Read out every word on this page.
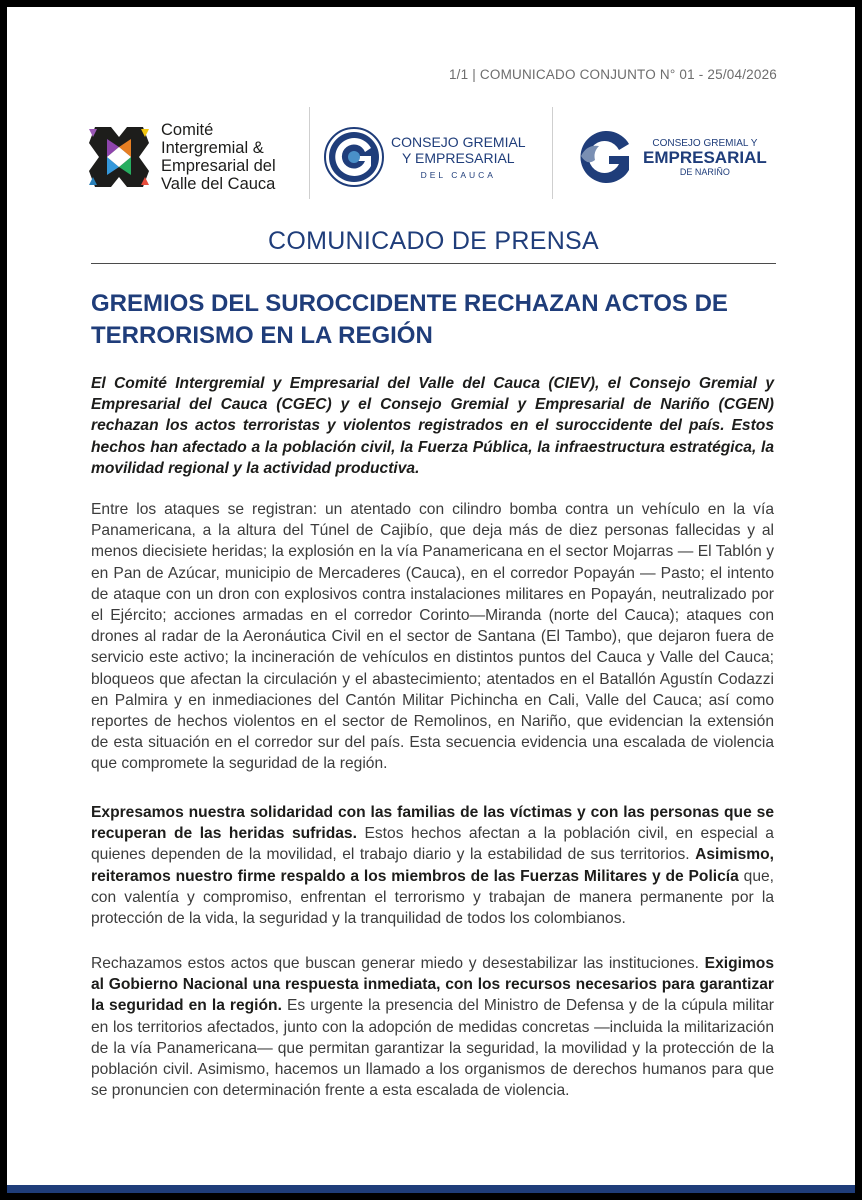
1/1 | COMUNICADO CONJUNTO N° 01 - 25/04/2026
Comité
Intergremial &
Empresarial del
Valle del Cauca
CONSEJO GREMIAL
Y EMPRESARIAL
DEL CAUCA
CONSEJO GREMIAL Y
EMPRESARIAL
DE NARIÑO
COMUNICADO DE PRENSA
GREMIOS DEL SUROCCIDENTE RECHAZAN ACTOS DE TERRORISMO EN LA REGIÓN

El Comité Intergremial y Empresarial del Valle del Cauca (CIEV), el Consejo Gremial y Empresarial del Cauca (CGEC) y el Consejo Gremial y Empresarial de Nariño (CGEN) rechazan los actos terroristas y violentos registrados en el suroccidente del país. Estos hechos han afectado a la población civil, la Fuerza Pública, la infraestructura estratégica, la movilidad regional y la actividad productiva.

Entre los ataques se registran: un atentado con cilindro bomba contra un vehículo en la vía Panamericana, a la altura del Túnel de Cajibío, que deja más de diez personas fallecidas y al menos diecisiete heridas; la explosión en la vía Panamericana en el sector Mojarras — El Tablón y en Pan de Azúcar, municipio de Mercaderes (Cauca), en el corredor Popayán — Pasto; el intento de ataque con un dron con explosivos contra instalaciones militares en Popayán, neutralizado por el Ejército; acciones armadas en el corredor Corinto—Miranda (norte del Cauca); ataques con drones al radar de la Aeronáutica Civil en el sector de Santana (El Tambo), que dejaron fuera de servicio este activo; la incineración de vehículos en distintos puntos del Cauca y Valle del Cauca; bloqueos que afectan la circulación y el abastecimiento; atentados en el Batallón Agustín Codazzi en Palmira y en inmediaciones del Cantón Militar Pichincha en Cali, Valle del Cauca; así como reportes de hechos violentos en el sector de Remolinos, en Nariño, que evidencian la extensión de esta situación en el corredor sur del país. Esta secuencia evidencia una escalada de violencia que compromete la seguridad de la región.

Expresamos nuestra solidaridad con las familias de las víctimas y con las personas que se recuperan de las heridas sufridas. Estos hechos afectan a la población civil, en especial a quienes dependen de la movilidad, el trabajo diario y la estabilidad de sus territorios. Asimismo, reiteramos nuestro firme respaldo a los miembros de las Fuerzas Militares y de Policía que, con valentía y compromiso, enfrentan el terrorismo y trabajan de manera permanente por la protección de la vida, la seguridad y la tranquilidad de todos los colombianos.

Rechazamos estos actos que buscan generar miedo y desestabilizar las instituciones. Exigimos al Gobierno Nacional una respuesta inmediata, con los recursos necesarios para garantizar la seguridad en la región. Es urgente la presencia del Ministro de Defensa y de la cúpula militar en los territorios afectados, junto con la adopción de medidas concretas —incluida la militarización de la vía Panamericana— que permitan garantizar la seguridad, la movilidad y la protección de la población civil. Asimismo, hacemos un llamado a los organismos de derechos humanos para que se pronuncien con determinación frente a esta escalada de violencia.
